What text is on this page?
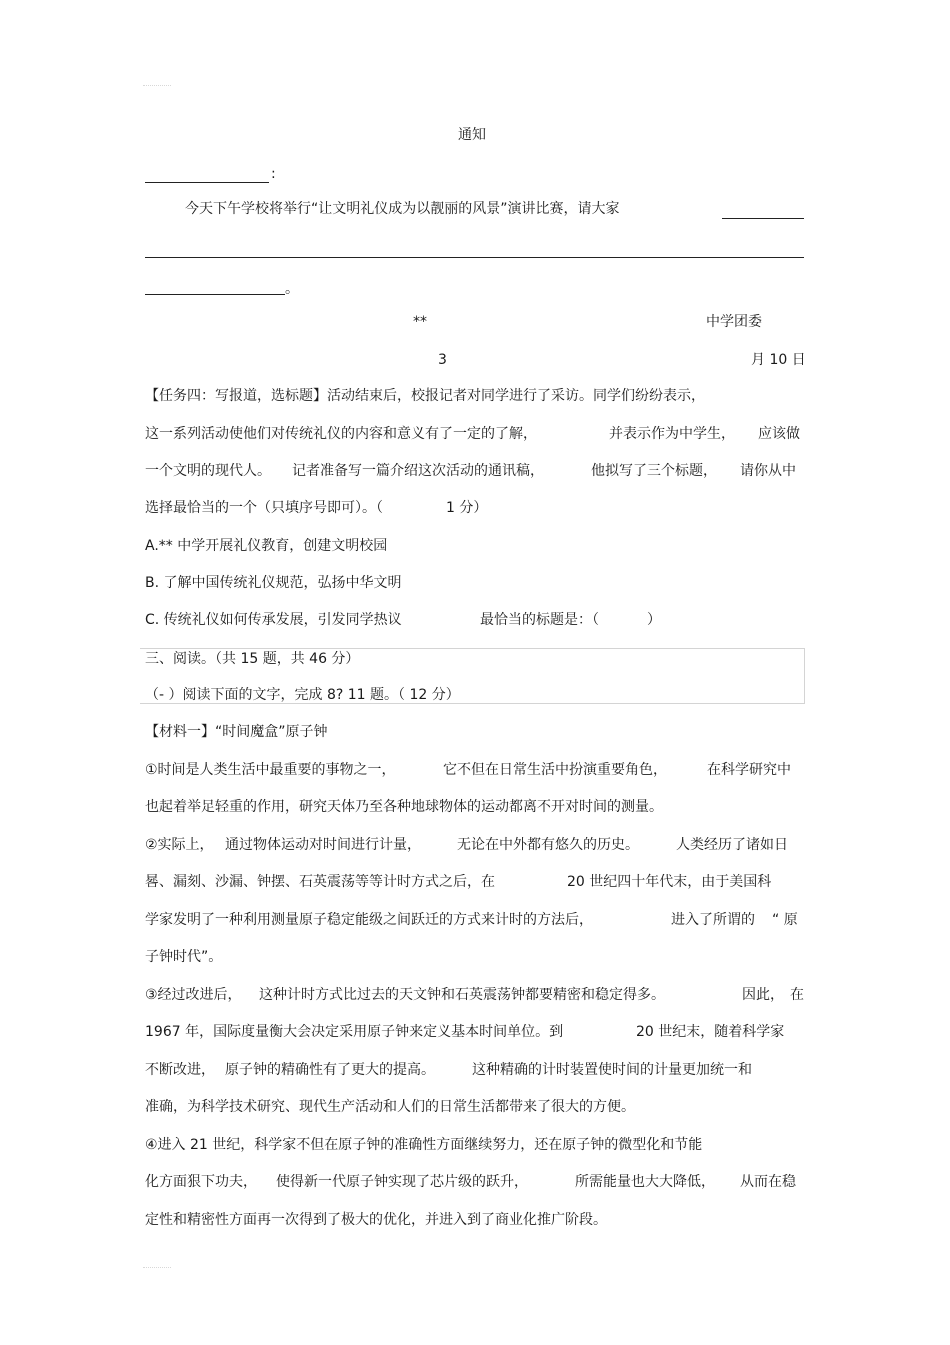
通知
:
今天下午学校将举行“让文明礼仪成为以靓丽的风景”演讲比赛，请大家
。
**	中学团委
3	月 10 日
【任务四：写报道，选标题】活动结束后，校报记者对同学进行了采访。同学们纷纷表示，
这一系列活动使他们对传统礼仪的内容和意义有了一定的了解，	并表示作为中学生， 应该做
一个文明的现代人。 记者准备写一篇介绍这次活动的通讯稿，	他拟写了三个标题， 请你从中
选择最恰当的一个（只填序号即可）。（	1 分）
A.** 中学开展礼仪教育，创建文明校园
B. 了解中国传统礼仪规范，弘扬中华文明
C. 传统礼仪如何传承发展，引发同学热议	最恰当的标题是：（	）
三、阅读。（共 15 题，共 46 分）
（- ）阅读下面的文字，完成 8? 11 题。（ 12 分）
【材料一】“时间魔盒”原子钟
①时间是人类生活中最重要的事物之一，	它不但在日常生活中扮演重要角色，	在科学研究中
也起着举足轻重的作用，研究天体乃至各种地球物体的运动都离不开对时间的测量。
②实际上， 通过物体运动对时间进行计量，	无论在中外都有悠久的历史。	人类经历了诸如日
晷、漏刻、沙漏、钟摆、石英震荡等等计时方式之后，在	20 世纪四十年代末，由于美国科
学家发明了一种利用测量原子稳定能级之间跃迁的方式来计时的方法后，	进入了所谓的 “ 原
子钟时代”。
③经过改进后， 这种计时方式比过去的天文钟和石英震荡钟都要精密和稳定得多。	因此， 在
1967 年，国际度量衡大会决定采用原子钟来定义基本时间单位。到	20 世纪末，随着科学家
不断改进， 原子钟的精确性有了更大的提高。	这种精确的计时装置使时间的计量更加统一和
准确，为科学技术研究、现代生产活动和人们的日常生活都带来了很大的方便。
④进入 21 世纪，科学家不但在原子钟的准确性方面继续努力，还在原子钟的微型化和节能
化方面狠下功夫， 使得新一代原子钟实现了芯片级的跃升，	所需能量也大大降低， 从而在稳
定性和精密性方面再一次得到了极大的优化，并进入到了商业化推广阶段。
